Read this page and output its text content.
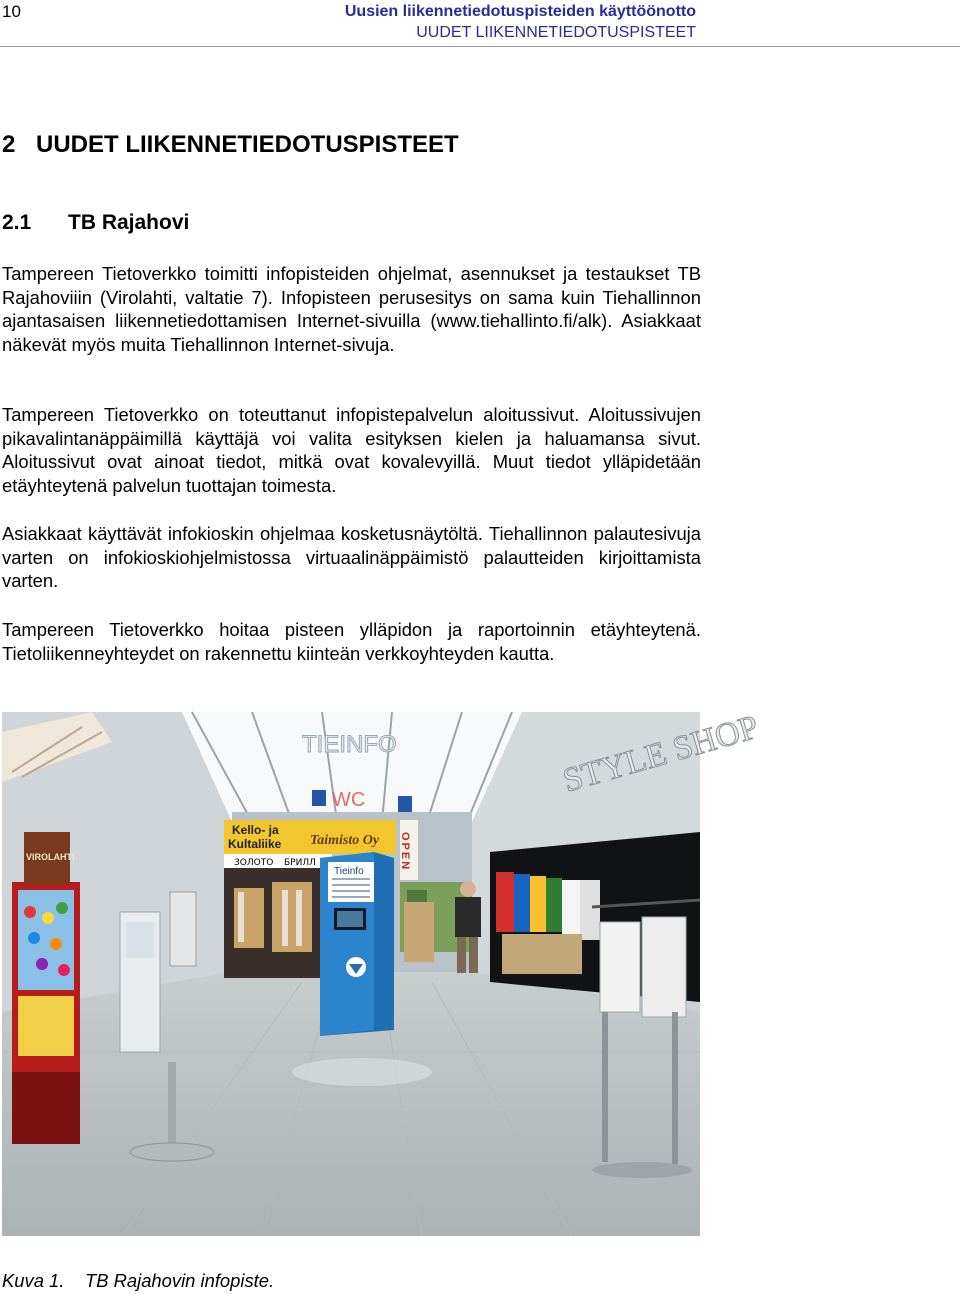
10	Uusien liikennetiedotuspisteiden käyttöönotto
UUDET LIIKENNETIEDOTUSPISTEET
2 UUDET LIIKENNETIEDOTUSPISTEET
2.1 TB Rajahovi

Tampereen Tietoverkko toimitti infopisteiden ohjelmat, asennukset ja testaukset TB Rajahoviiin (Virolahti, valtatie 7). Infopisteen perusesitys on sama kuin Tiehallinnon ajantasaisen liikennetiedottamisen Internet-sivuilla (www.tiehallinto.fi/alk). Asiakkaat näkevät myös muita Tiehallinnon Internet-sivuja.

Tampereen Tietoverkko on toteuttanut infopistepalvelun aloitussivut. Aloitussivujen pikavalintanäppäimillä käyttäjä voi valita esityksen kielen ja haluamansa sivut. Aloitussivut ovat ainoat tiedot, mitkä ovat kovalevyillä. Muut tiedot ylläpidetään etäyhteytenä palvelun tuottajan toimesta.

Asiakkaat käyttävät infokioskin ohjelmaa kosketusnäytöltä. Tiehallinnon palautesivuja varten on infokioskiohjelmistossa virtuaalinäppäimistö palautteiden kirjoittamista varten.

Tampereen Tietoverkko hoitaa pisteen ylläpidon ja raportoinnin etäyhteytenä. Tietoliikenneyhteydet on rakennettu kiinteän verkkoyhteyden kautta.

Kello- ja
Kultaliike Taimisto Oy
ЗОЛОТО БРИЛЛ	OPEN
TIEINFO
WC
Tieinfo
VIROLAHTI
STYLE SHOP
Kuva 1. TB Rajahovin infopiste.
